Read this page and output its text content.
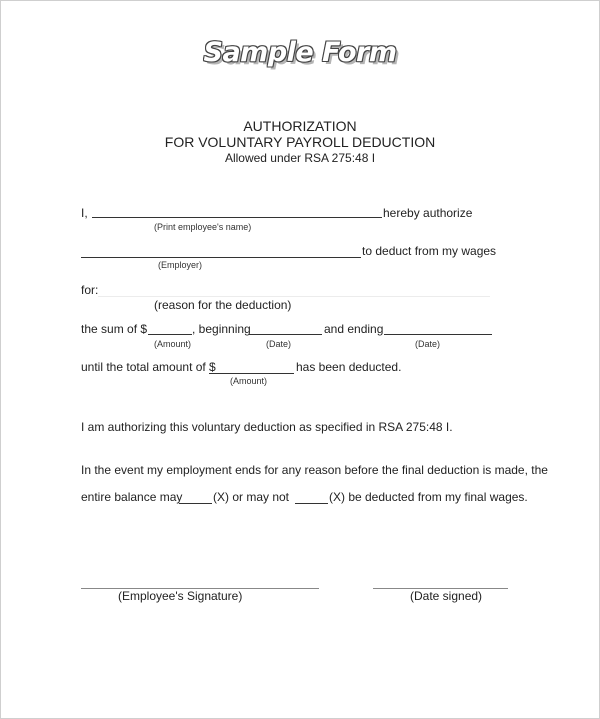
Sample Form
AUTHORIZATION
FOR VOLUNTARY PAYROLL DEDUCTION
Allowed under RSA 275:48 I
I,	hereby authorize
(Print employee's name)
to deduct from my wages
(Employer)
for:
(reason for the deduction)
the sum of $	, beginning	and ending
(Amount)	(Date)	(Date)
until the total amount of $	has been deducted.
(Amount)
I am authorizing this voluntary deduction as specified in RSA 275:48 I.
In the event my employment ends for any reason before the final deduction is made, the
entire balance may	(X) or may not	(X) be deducted from my final wages.
(Employee's Signature)	(Date signed)
